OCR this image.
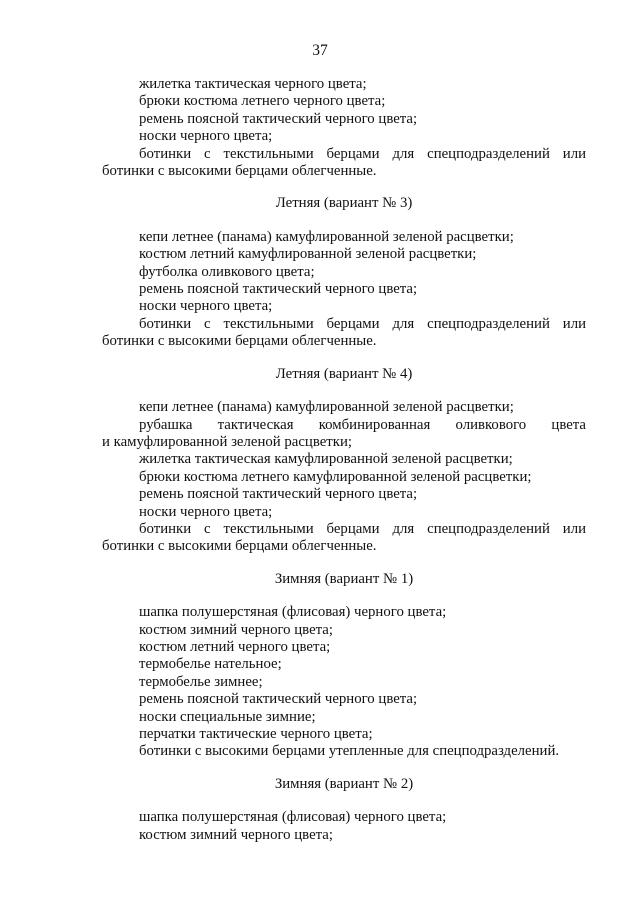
37
жилетка тактическая черного цвета;
брюки костюма летнего черного цвета;
ремень поясной тактический черного цвета;
носки черного цвета;
ботинки с текстильными берцами для спецподразделений или
ботинки с высокими берцами облегченные.
Летняя (вариант № 3)
кепи летнее (панама) камуфлированной зеленой расцветки;
костюм летний камуфлированной зеленой расцветки;
футболка оливкового цвета;
ремень поясной тактический черного цвета;
носки черного цвета;
ботинки с текстильными берцами для спецподразделений или
ботинки с высокими берцами облегченные.
Летняя (вариант № 4)
кепи летнее (панама) камуфлированной зеленой расцветки;
рубашка тактическая комбинированная оливкового цвета
и камуфлированной зеленой расцветки;
жилетка тактическая камуфлированной зеленой расцветки;
брюки костюма летнего камуфлированной зеленой расцветки;
ремень поясной тактический черного цвета;
носки черного цвета;
ботинки с текстильными берцами для спецподразделений или
ботинки с высокими берцами облегченные.
Зимняя (вариант № 1)
шапка полушерстяная (флисовая) черного цвета;
костюм зимний черного цвета;
костюм летний черного цвета;
термобелье нательное;
термобелье зимнее;
ремень поясной тактический черного цвета;
носки специальные зимние;
перчатки тактические черного цвета;
ботинки с высокими берцами утепленные для спецподразделений.
Зимняя (вариант № 2)
шапка полушерстяная (флисовая) черного цвета;
костюм зимний черного цвета;
